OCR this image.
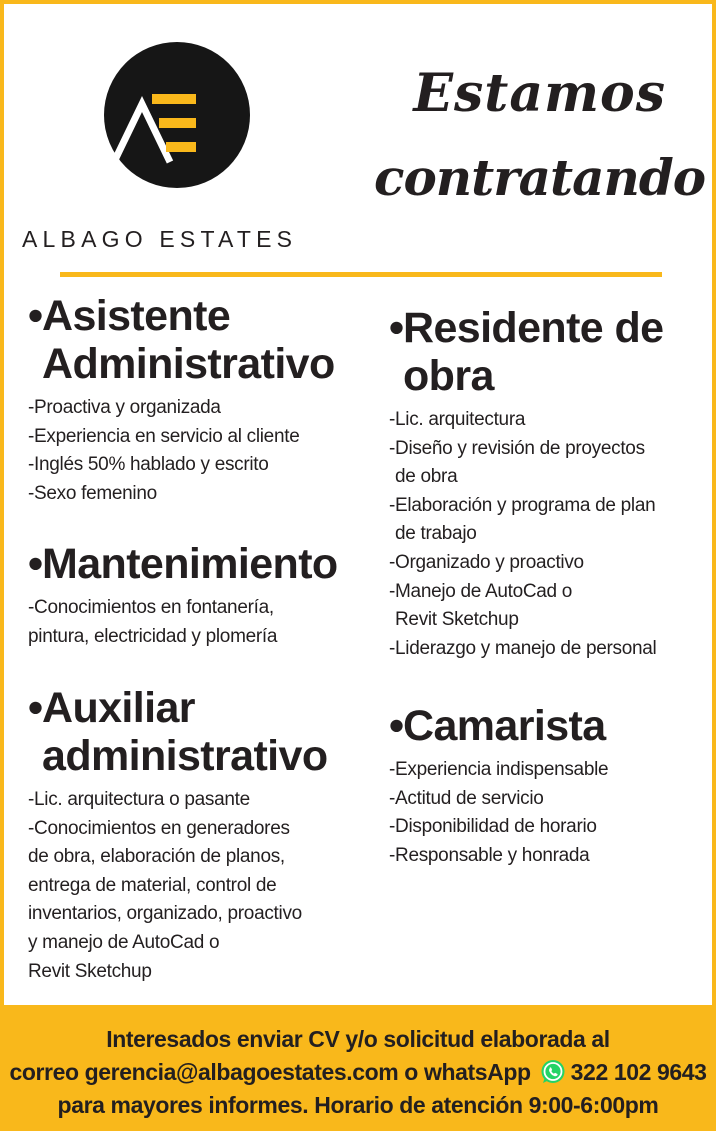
ALBAGO ESTATES
Estamos
contratando
•Asistente
Administrativo
-Proactiva y organizada
-Experiencia en servicio al cliente
-Inglés 50% hablado y escrito
-Sexo femenino
•Mantenimiento
-Conocimientos en fontanería,
pintura, electricidad y plomería
•Auxiliar
administrativo
-Lic. arquitectura o pasante
-Conocimientos en generadores
de obra, elaboración de planos,
entrega de material, control de
inventarios, organizado, proactivo
y manejo de AutoCad o
Revit Sketchup
•Residente de
obra
-Lic. arquitectura
-Diseño y revisión de proyectos
de obra
-Elaboración y programa de plan
de trabajo
-Organizado y proactivo
-Manejo de AutoCad o
Revit Sketchup
-Liderazgo y manejo de personal
•Camarista
-Experiencia indispensable
-Actitud de servicio
-Disponibilidad de horario
-Responsable y honrada
Interesados enviar CV y/o solicitud elaborada al
correo gerencia@albagoestates.com o whatsApp 322 102 9643
para mayores informes. Horario de atención 9:00-6:00pm
